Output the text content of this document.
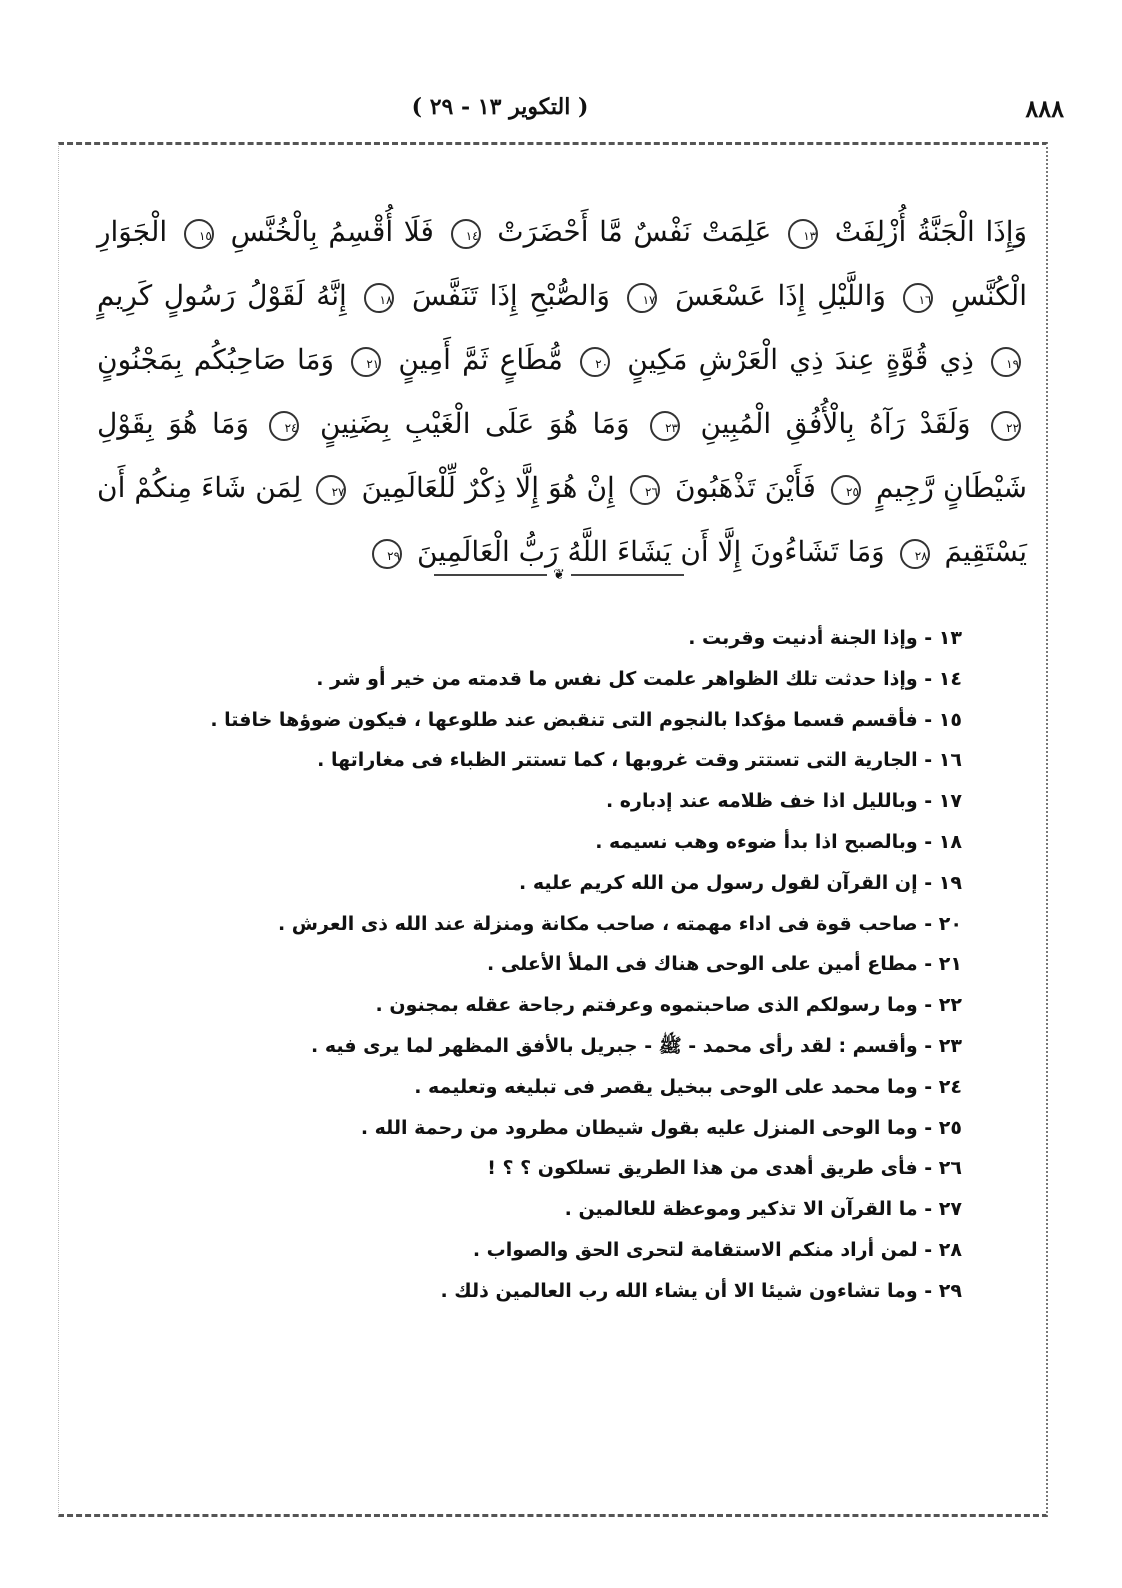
٨٨٨
( التكوير ١٣ - ٢٩ )
وَإِذَا الْجَنَّةُ أُزْلِفَتْ ١٣ عَلِمَتْ نَفْسٌ مَّا أَحْضَرَتْ ١٤ فَلَا أُقْسِمُ بِالْخُنَّسِ ١٥ الْجَوَارِ الْكُنَّسِ ١٦ وَاللَّيْلِ إِذَا عَسْعَسَ ١٧ وَالصُّبْحِ إِذَا تَنَفَّسَ ١٨ إِنَّهُ لَقَوْلُ رَسُولٍ كَرِيمٍ ١٩ ذِي قُوَّةٍ عِندَ ذِي الْعَرْشِ مَكِينٍ ٢٠ مُّطَاعٍ ثَمَّ أَمِينٍ ٢١ وَمَا صَاحِبُكُم بِمَجْنُونٍ ٢٢ وَلَقَدْ رَآهُ بِالْأُفُقِ الْمُبِينِ ٢٣ وَمَا هُوَ عَلَى الْغَيْبِ بِضَنِينٍ ٢٤ وَمَا هُوَ بِقَوْلِ شَيْطَانٍ رَّجِيمٍ ٢٥ فَأَيْنَ تَذْهَبُونَ ٢٦ إِنْ هُوَ إِلَّا ذِكْرٌ لِّلْعَالَمِينَ ٢٧ لِمَن شَاءَ مِنكُمْ أَن يَسْتَقِيمَ ٢٨ وَمَا تَشَاءُونَ إِلَّا أَن يَشَاءَ اللَّهُ رَبُّ الْعَالَمِينَ ٢٩
❦
١٣ - وإذا الجنة أدنيت وقربت .
١٤ - وإذا حدثت تلك الظواهر علمت كل نفس ما قدمته من خير أو شر .
١٥ - فأقسم قسما مؤكدا بالنجوم التى تنقبض عند طلوعها ، فيكون ضوؤها خافتا .
١٦ - الجارية التى تستتر وقت غروبها ، كما تستتر الظباء فى مغاراتها .
١٧ - وبالليل اذا خف ظلامه عند إدباره .
١٨ - وبالصبح اذا بدأ ضوءه وهب نسيمه .
١٩ - إن القرآن لقول رسول من الله كريم عليه .
٢٠ - صاحب قوة فى اداء مهمته ، صاحب مكانة ومنزلة عند الله ذى العرش .
٢١ - مطاع أمين على الوحى هناك فى الملأ الأعلى .
٢٢ - وما رسولكم الذى صاحبتموه وعرفتم رجاحة عقله بمجنون .
٢٣ - وأقسم : لقد رأى محمد - ﷺ - جبريل بالأفق المظهر لما يرى فيه .
٢٤ - وما محمد على الوحى ببخيل يقصر فى تبليغه وتعليمه .
٢٥ - وما الوحى المنزل عليه بقول شيطان مطرود من رحمة الله .
٢٦ - فأى طريق أهدى من هذا الطريق تسلكون ؟ ؟ !
٢٧ - ما القرآن الا تذكير وموعظة للعالمين .
٢٨ - لمن أراد منكم الاستقامة لتحرى الحق والصواب .
٢٩ - وما تشاءون شيئا الا أن يشاء الله رب العالمين ذلك .
